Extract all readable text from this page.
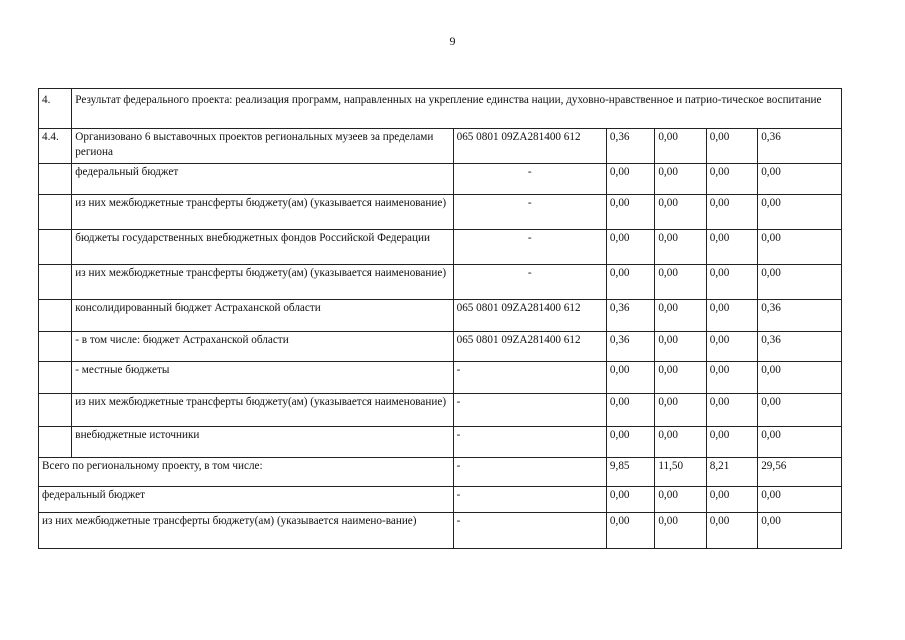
9
4.	Результат федерального проекта: реализация программ, направленных на укрепление единства нации, духовно-нравственное и патрио-тическое воспитание					
4.4.	Организовано 6 выставочных проектов региональных музеев за пределами региона	065 0801 09ZA281400 612	0,36	0,00	0,00	0,36
	федеральный бюджет	-	0,00	0,00	0,00	0,00
	из них межбюджетные трансферты бюджету(ам) (указывается наименование)	-	0,00	0,00	0,00	0,00
	бюджеты государственных внебюджетных фондов Российской Федерации	-	0,00	0,00	0,00	0,00
	из них межбюджетные трансферты бюджету(ам) (указывается наименование)	-	0,00	0,00	0,00	0,00
	консолидированный бюджет Астраханской области	065 0801 09ZA281400 612	0,36	0,00	0,00	0,36
	- в том числе: бюджет Астраханской области	065 0801 09ZA281400 612	0,36	0,00	0,00	0,36
	- местные бюджеты	-	0,00	0,00	0,00	0,00
	из них межбюджетные трансферты бюджету(ам) (указывается наименование)	-	0,00	0,00	0,00	0,00
	внебюджетные источники	-	0,00	0,00	0,00	0,00
Всего по региональному проекту, в том числе:		-	9,85	11,50	8,21	29,56
федеральный бюджет		-	0,00	0,00	0,00	0,00
из них межбюджетные трансферты бюджету(ам) (указывается наимено-вание)		-	0,00	0,00	0,00	0,00
